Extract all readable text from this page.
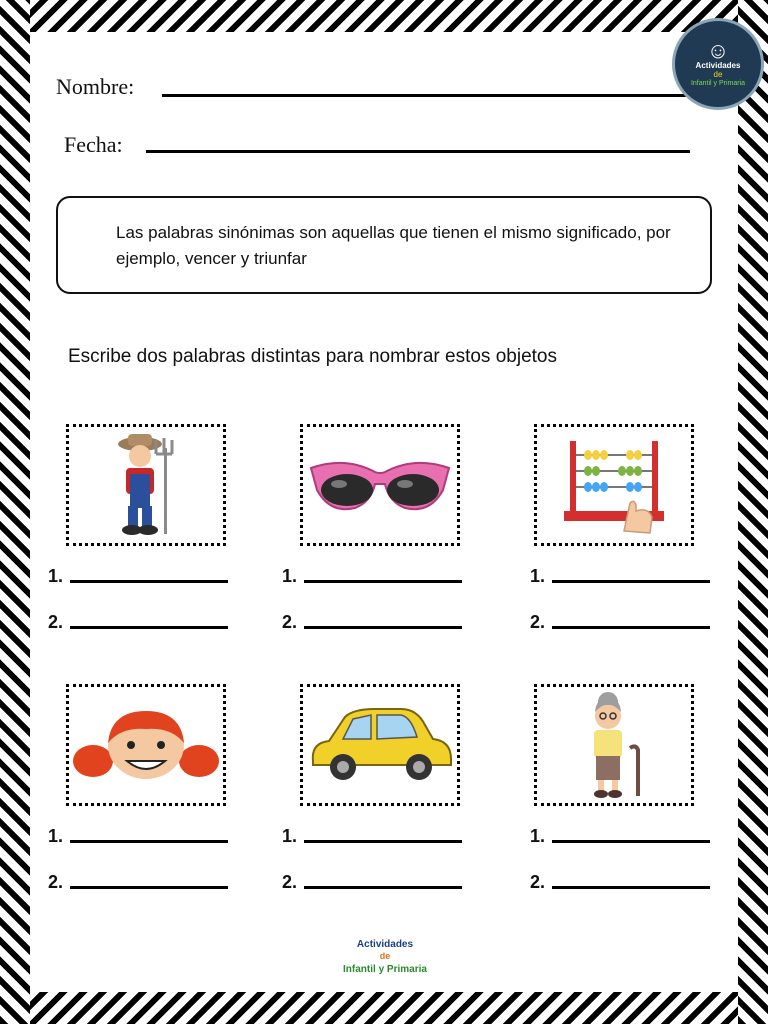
Nombre:
Fecha:
☺
Actividades
de
Infantil y Primaria
Las palabras sinónimas son aquellas que tienen el mismo significado, por ejemplo, vencer y triunfar
Escribe dos palabras distintas para nombrar estos objetos
1.
2.
1.
2.
1.
2.
1.
2.
1.
2.
1.
2.
Actividades
de
Infantil y Primaria
